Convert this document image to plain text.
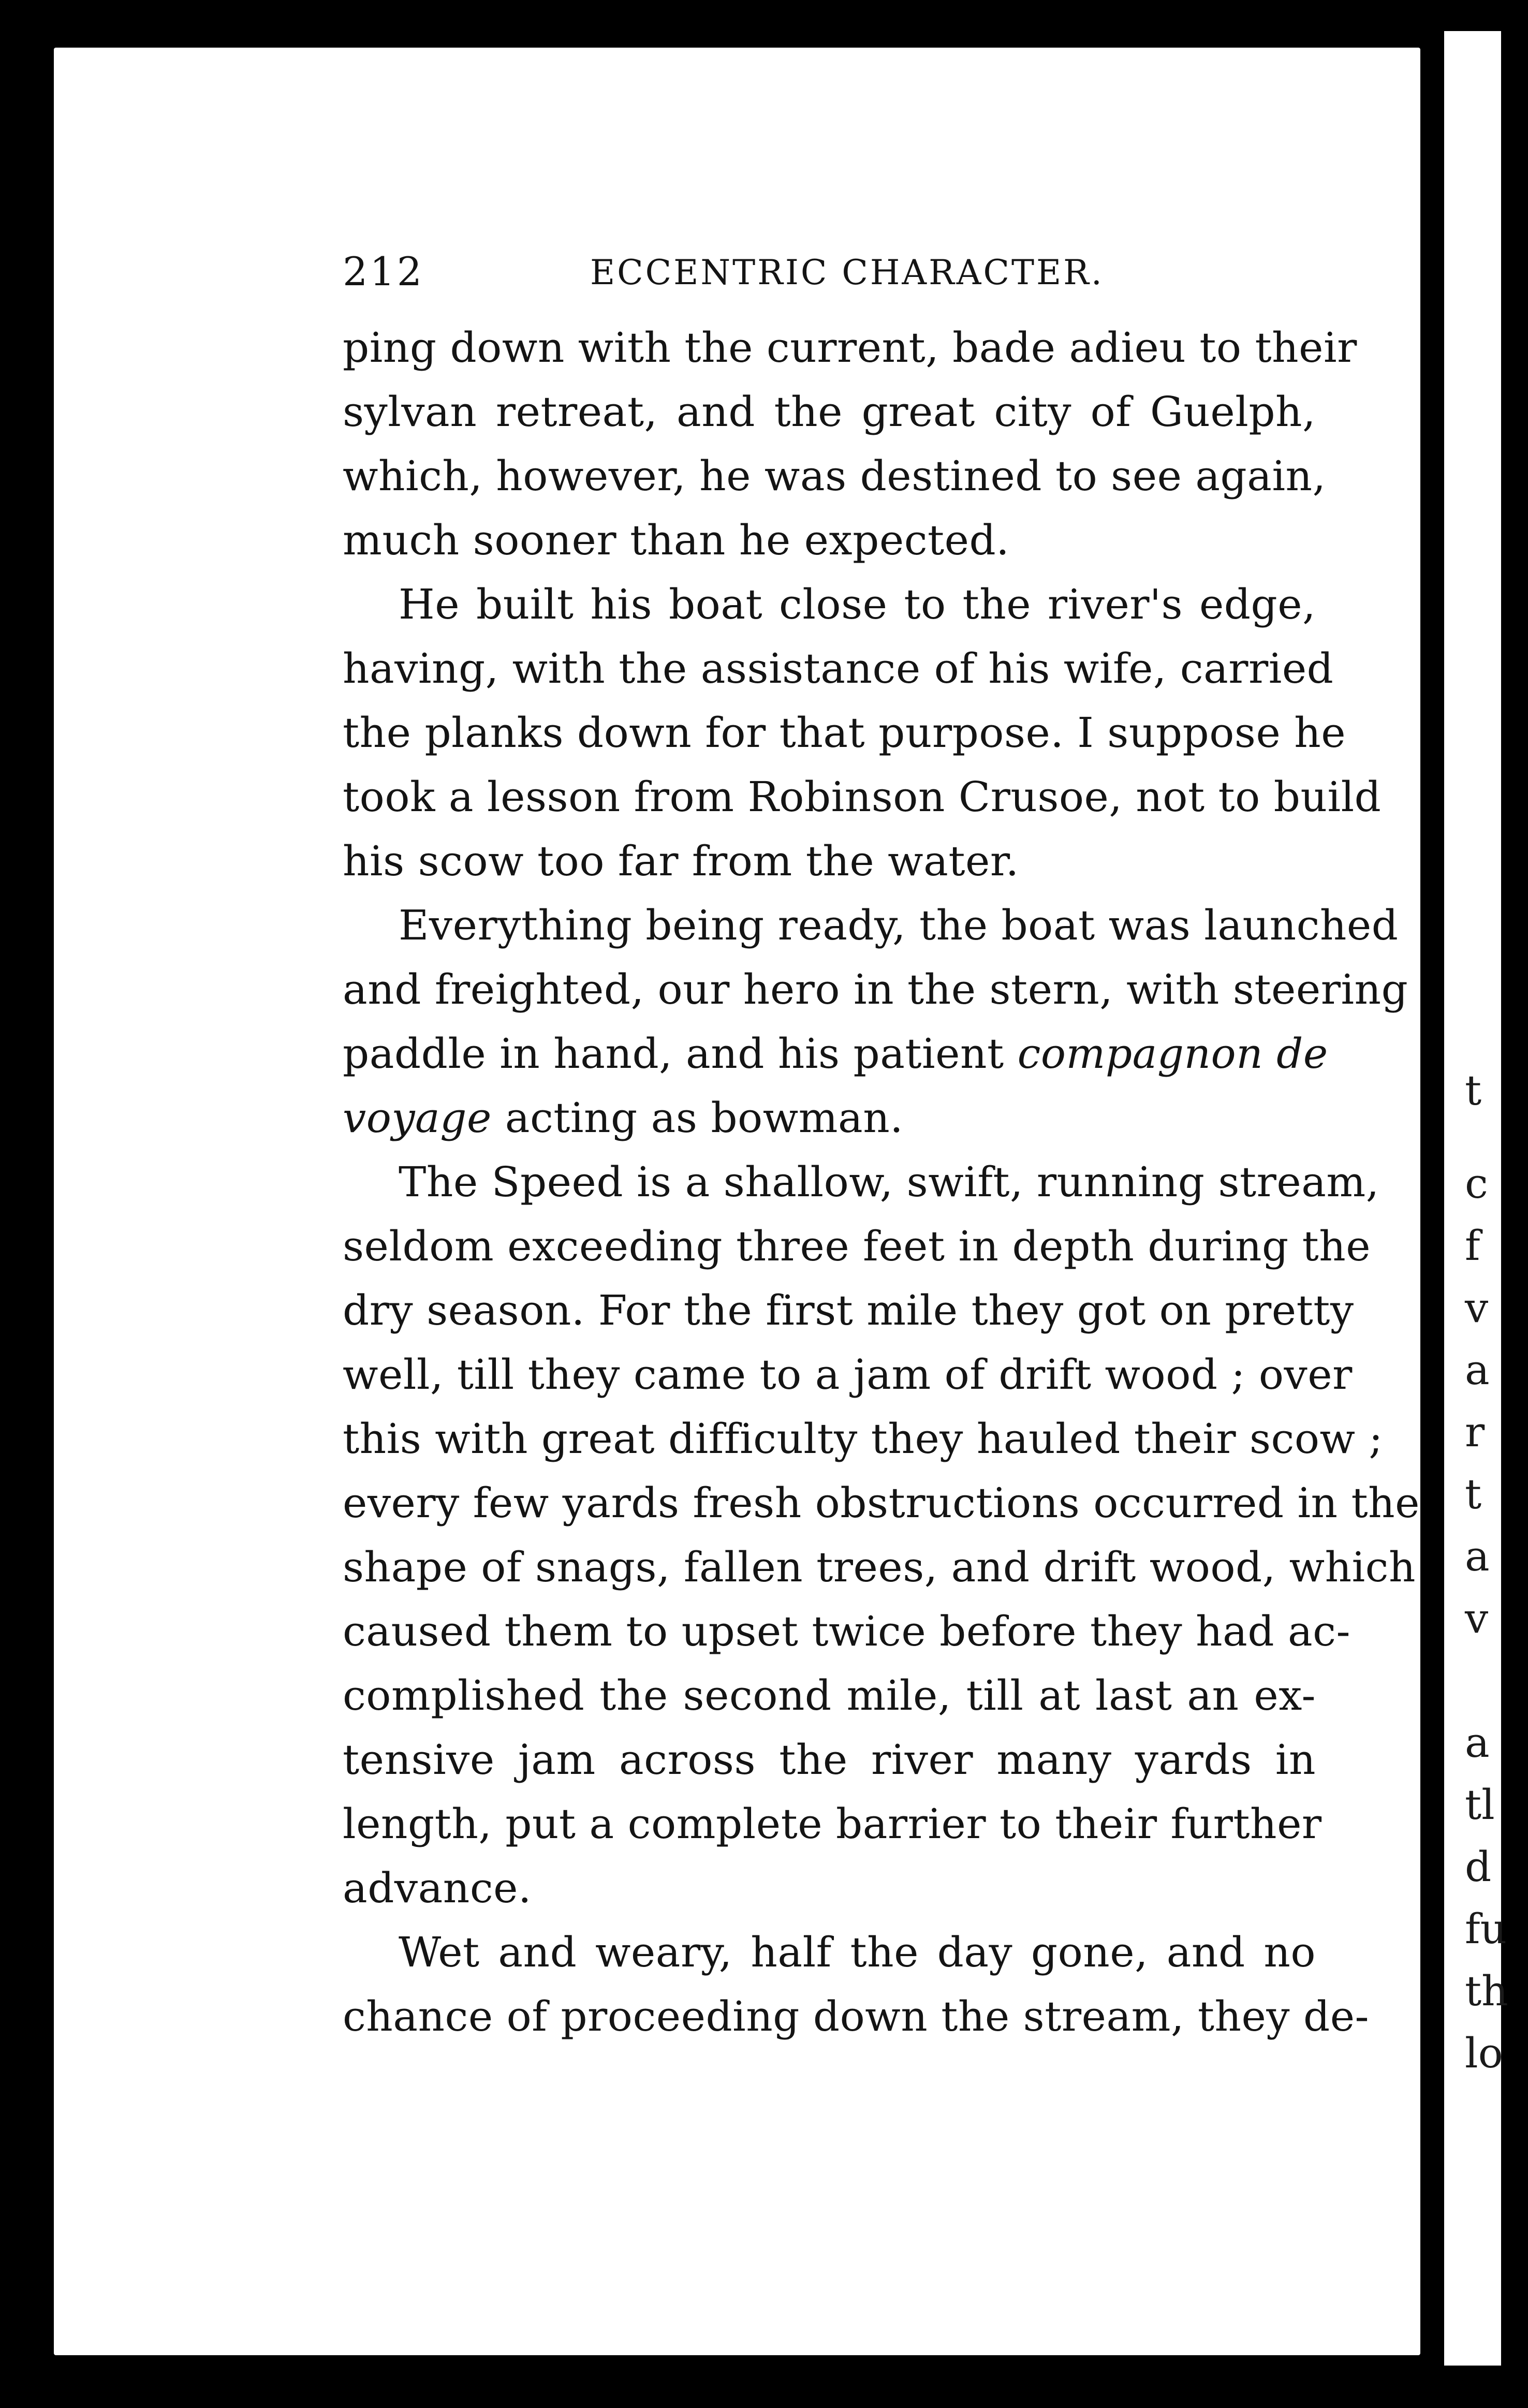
t
c
f
v
a
r
t
a
v
a
tl
d
fu
th
lo
212	ECCENTRIC CHARACTER.
ping down with the current, bade adieu to their
sylvan retreat, and the great city of Guelph,
which, however, he was destined to see again,
much sooner than he expected.
He built his boat close to the river's edge,
having, with the assistance of his wife, carried
the planks down for that purpose. I suppose he
took a lesson from Robinson Crusoe, not to build
his scow too far from the water.
Everything being ready, the boat was launched
and freighted, our hero in the stern, with steering
paddle in hand, and his patient compagnon de
voyage acting as bowman.
The Speed is a shallow, swift, running stream,
seldom exceeding three feet in depth during the
dry season. For the first mile they got on pretty
well, till they came to a jam of drift wood ; over
this with great difficulty they hauled their scow ;
every few yards fresh obstructions occurred in the
shape of snags, fallen trees, and drift wood, which
caused them to upset twice before they had ac-
complished the second mile, till at last an ex-
tensive jam across the river many yards in
length, put a complete barrier to their further
advance.
Wet and weary, half the day gone, and no
chance of proceeding down the stream, they de-
